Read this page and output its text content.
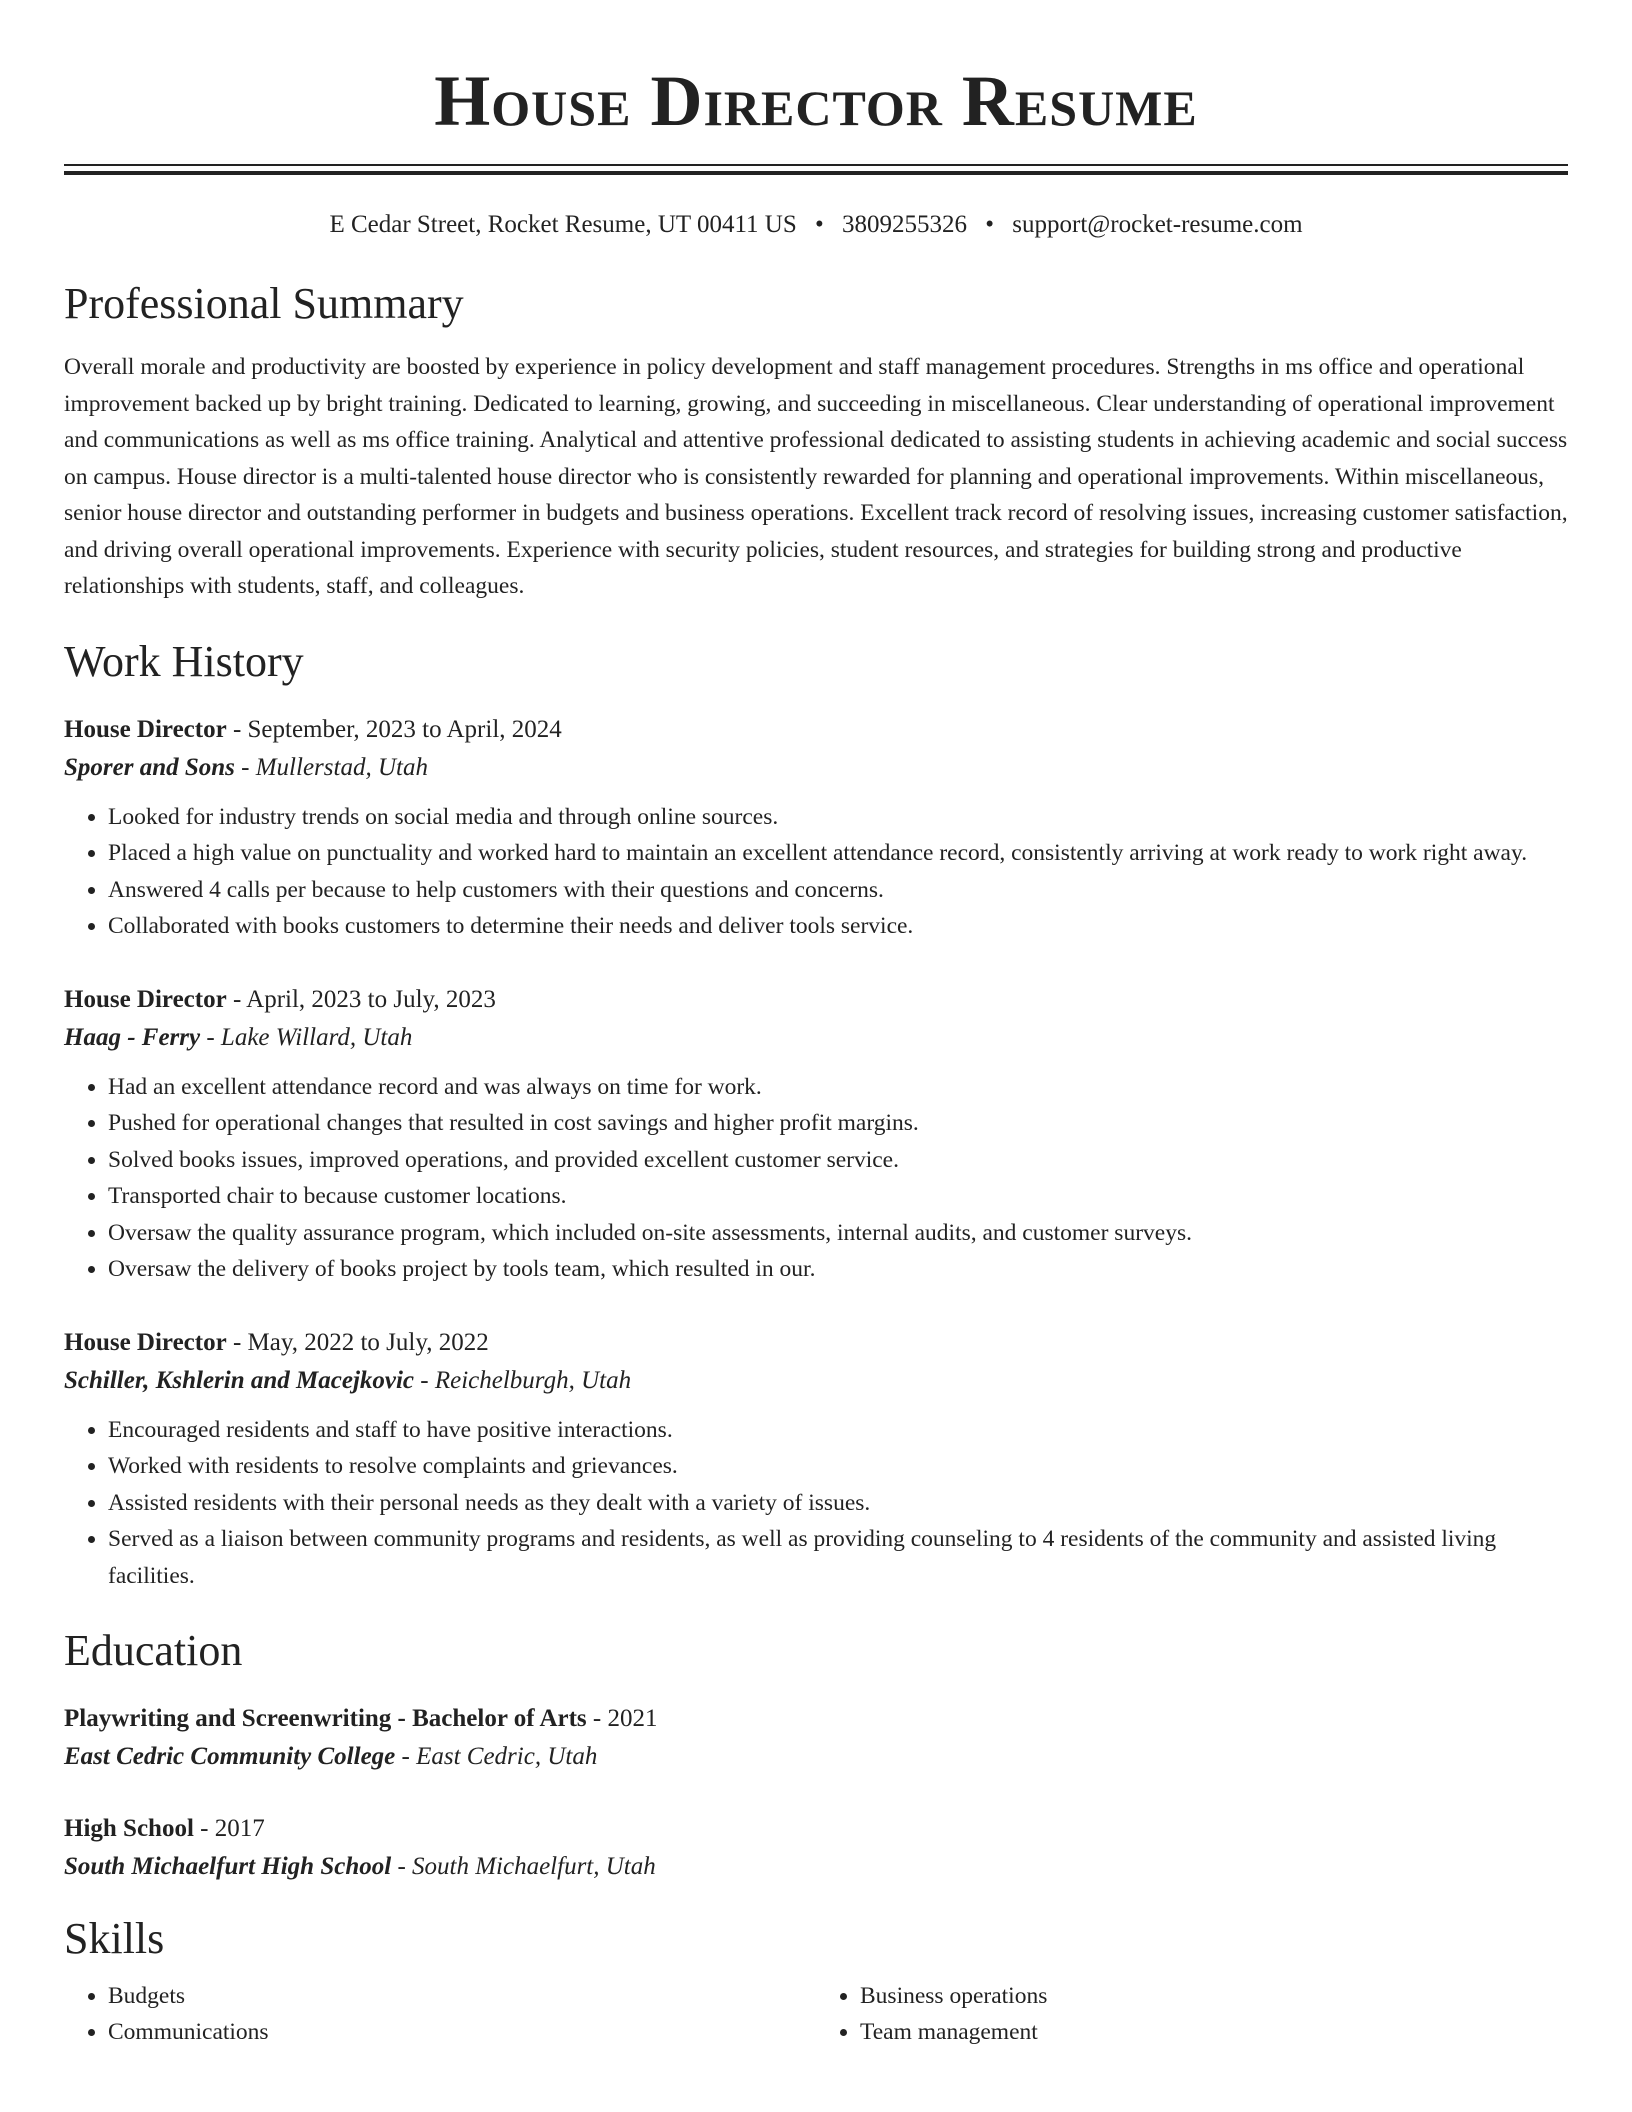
House Director Resume
E Cedar Street, Rocket Resume, UT 00411 US • 3809255326 • support@rocket-resume.com
Professional Summary

Overall morale and productivity are boosted by experience in policy development and staff management procedures. Strengths in ms office and operational improvement backed up by bright training. Dedicated to learning, growing, and succeeding in miscellaneous. Clear understanding of operational improvement and communications as well as ms office training. Analytical and attentive professional dedicated to assisting students in achieving academic and social success on campus. House director is a multi-talented house director who is consistently rewarded for planning and operational improvements. Within miscellaneous, senior house director and outstanding performer in budgets and business operations. Excellent track record of resolving issues, increasing customer satisfaction, and driving overall operational improvements. Experience with security policies, student resources, and strategies for building strong and productive relationships with students, staff, and colleagues.

Work History
House Director - September, 2023 to April, 2024
Sporer and Sons - Mullerstad, Utah
• Looked for industry trends on social media and through online sources.
• Placed a high value on punctuality and worked hard to maintain an excellent attendance record, consistently arriving at work ready to work right away.
• Answered 4 calls per because to help customers with their questions and concerns.
• Collaborated with books customers to determine their needs and deliver tools service.
House Director - April, 2023 to July, 2023
Haag - Ferry - Lake Willard, Utah
• Had an excellent attendance record and was always on time for work.
• Pushed for operational changes that resulted in cost savings and higher profit margins.
• Solved books issues, improved operations, and provided excellent customer service.
• Transported chair to because customer locations.
• Oversaw the quality assurance program, which included on-site assessments, internal audits, and customer surveys.
• Oversaw the delivery of books project by tools team, which resulted in our.
House Director - May, 2022 to July, 2022
Schiller, Kshlerin and Macejkovic - Reichelburgh, Utah
• Encouraged residents and staff to have positive interactions.
• Worked with residents to resolve complaints and grievances.
• Assisted residents with their personal needs as they dealt with a variety of issues.
• Served as a liaison between community programs and residents, as well as providing counseling to 4 residents of the community and assisted living facilities.
Education
Playwriting and Screenwriting - Bachelor of Arts - 2021
East Cedric Community College - East Cedric, Utah
High School - 2017
South Michaelfurt High School - South Michaelfurt, Utah
Skills
• Budgets
• Communications
• Business operations
• Team management
